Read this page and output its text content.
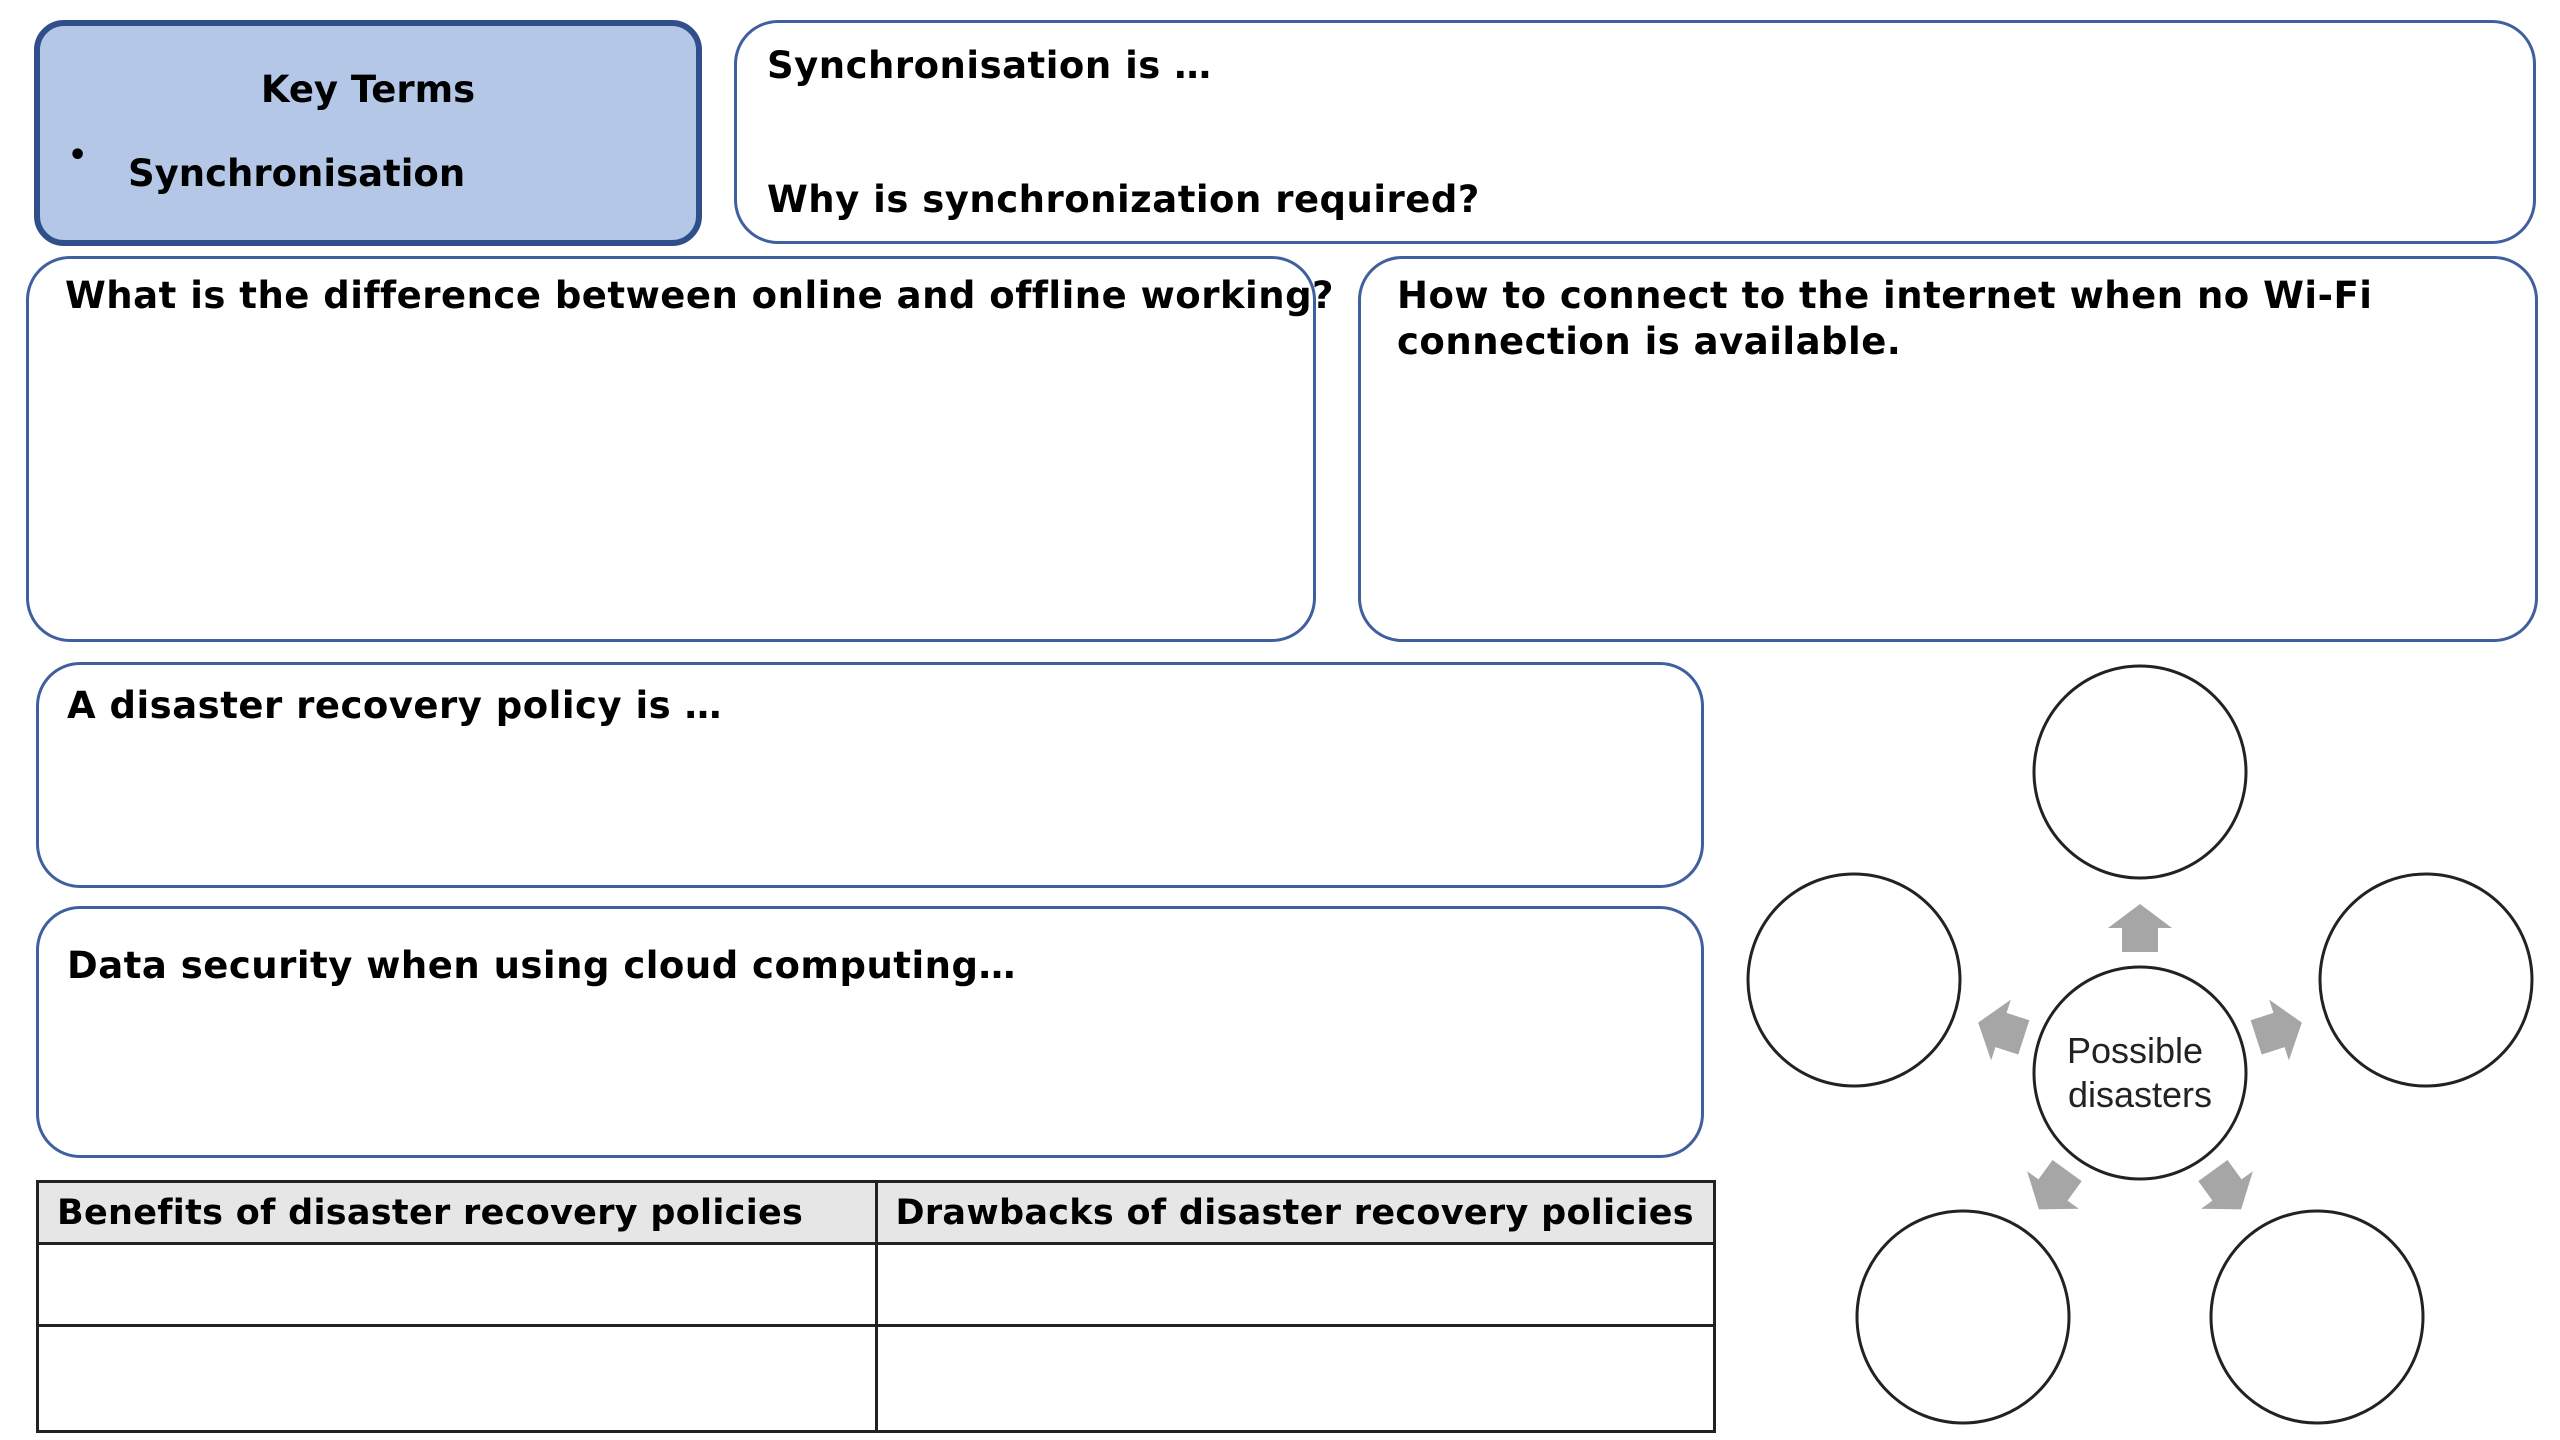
Key Terms
• Synchronisation
Synchronisation is …
Why is synchronization required?
What is the difference between online and offline working? How to connect to the internet when no Wi-Fi connection is available.
A disaster recovery policy is …
Data security when using cloud computing…
Benefits of disaster recovery policies	Drawbacks of disaster recovery policies

Possible disasters
